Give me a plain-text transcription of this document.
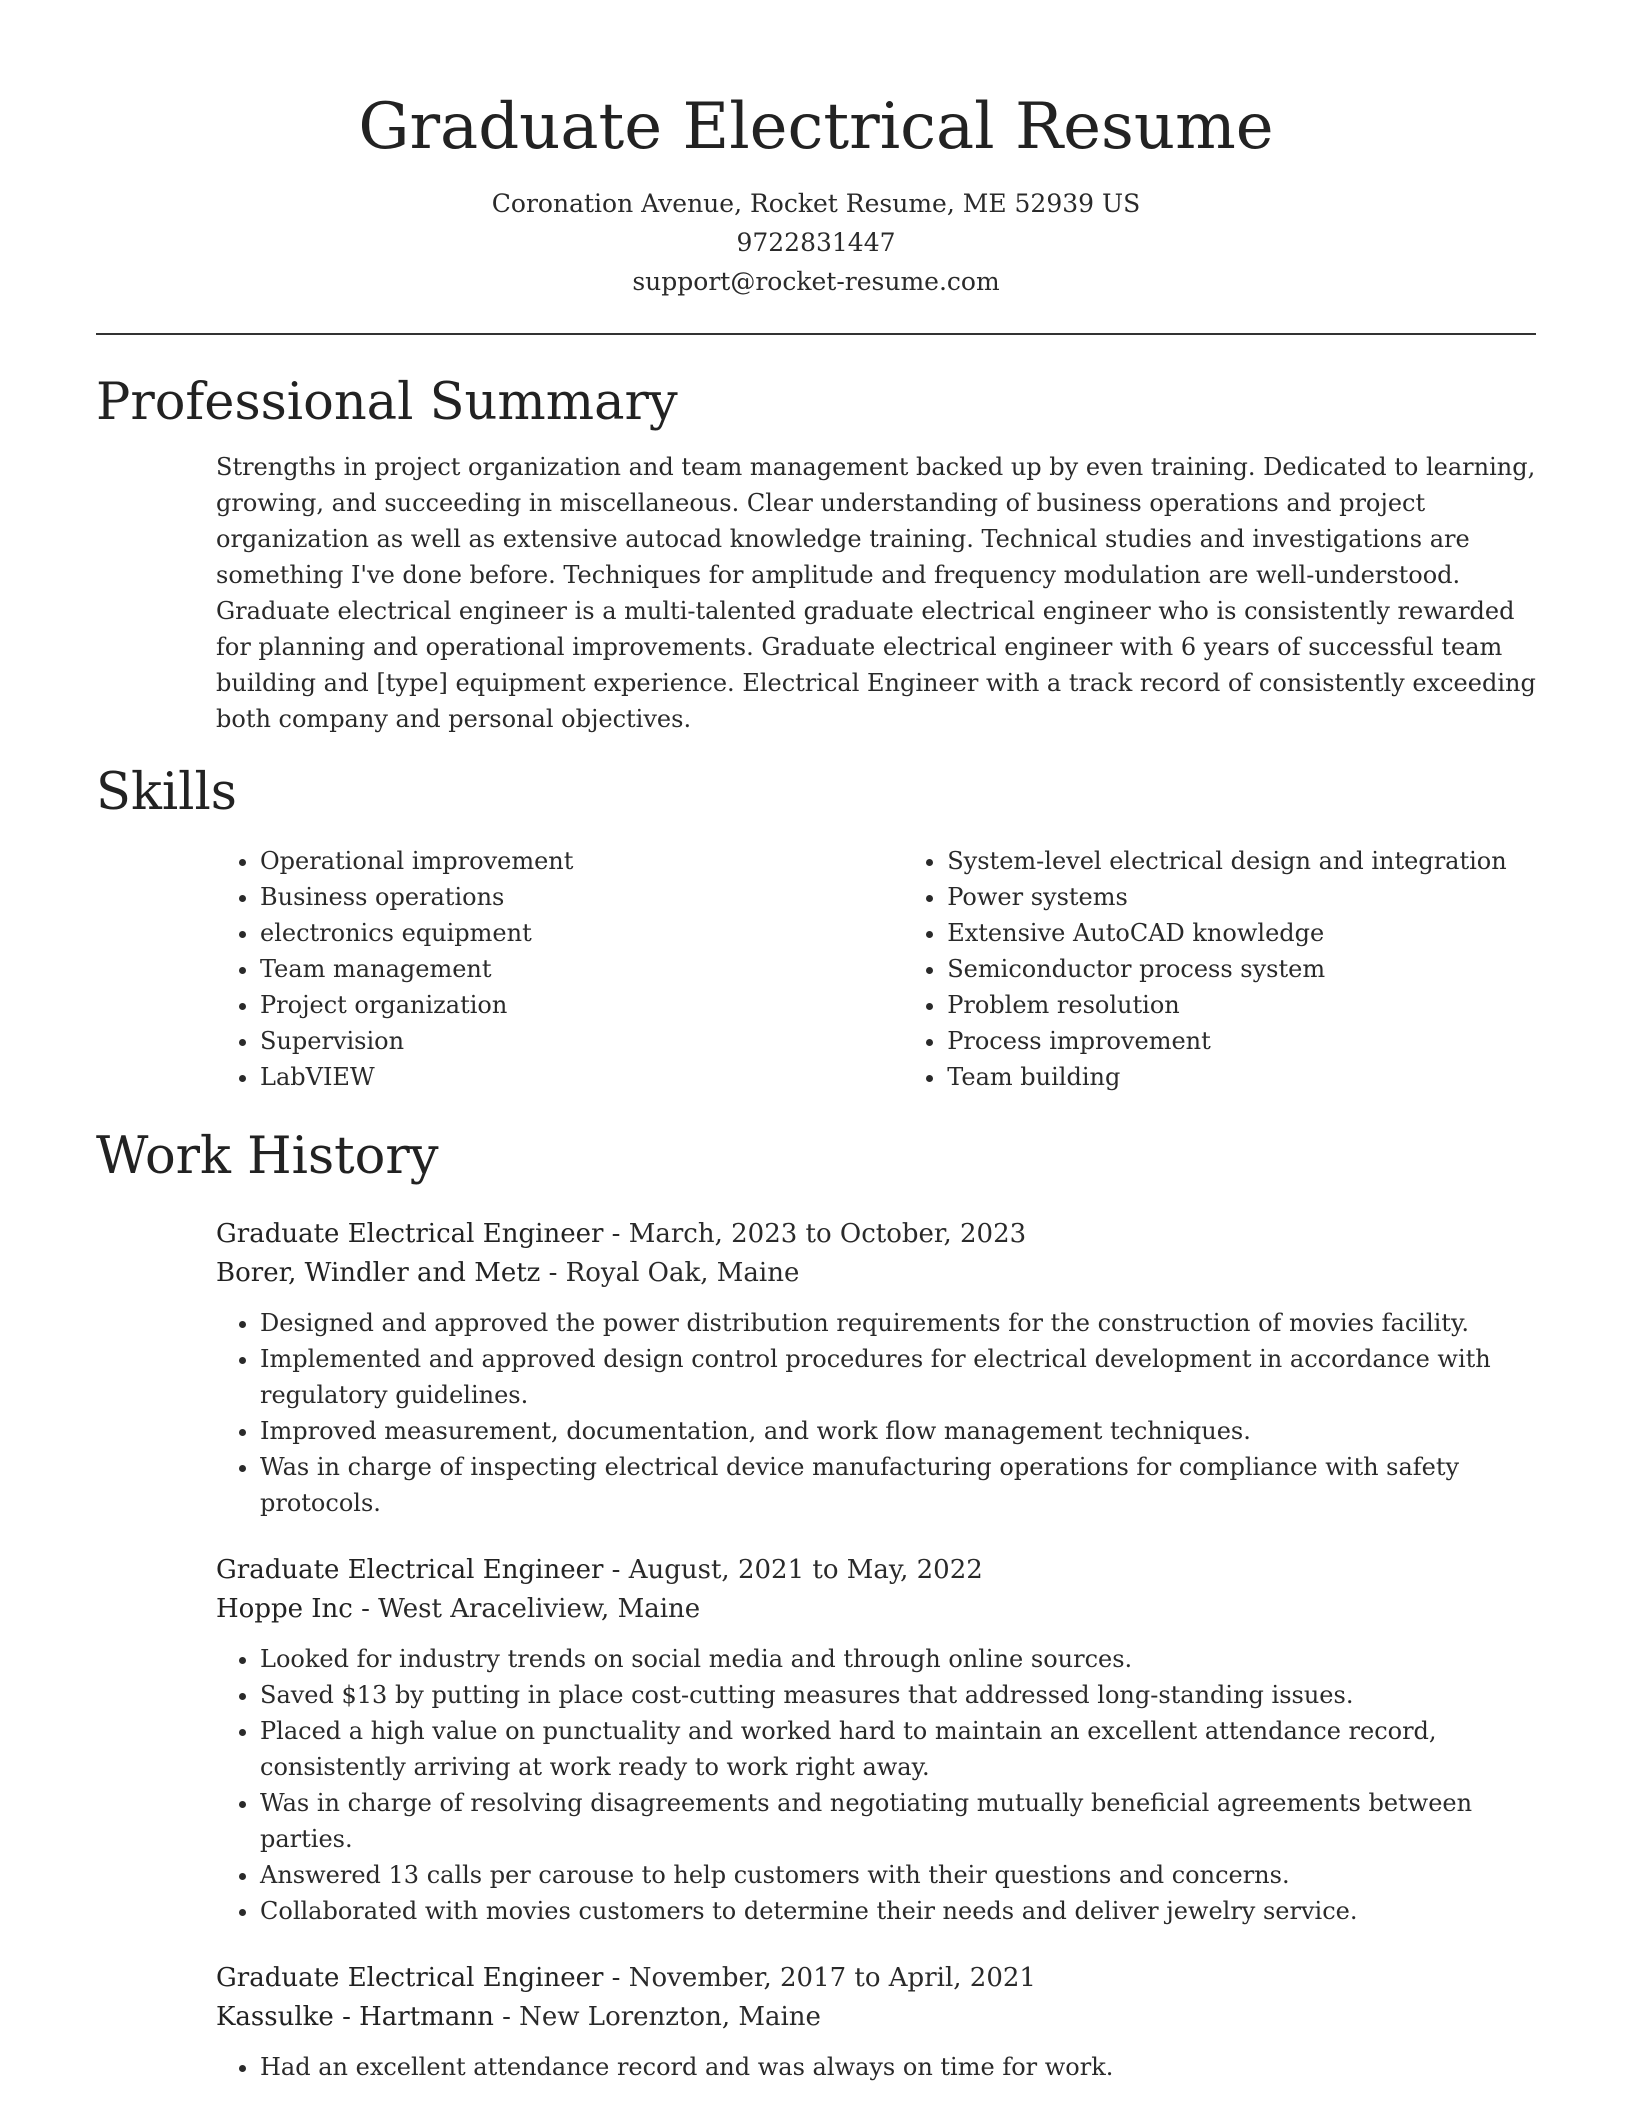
Graduate Electrical Resume
Coronation Avenue, Rocket Resume, ME 52939 US
9722831447
support@rocket-resume.com
Professional Summary

Strengths in project organization and team management backed up by even training. Dedicated to learning, growing, and succeeding in miscellaneous. Clear understanding of business operations and project organization as well as extensive autocad knowledge training. Technical studies and investigations are something I've done before. Techniques for amplitude and frequency modulation are well-understood. Graduate electrical engineer is a multi-talented graduate electrical engineer who is consistently rewarded for planning and operational improvements. Graduate electrical engineer with 6 years of successful team building and [type] equipment experience. Electrical Engineer with a track record of consistently exceeding both company and personal objectives.

Skills
• Operational improvement
• Business operations
• electronics equipment
• Team management
• Project organization
• Supervision
• LabVIEW
• System-level electrical design and integration
• Power systems
• Extensive AutoCAD knowledge
• Semiconductor process system
• Problem resolution
• Process improvement
• Team building
Work History
Graduate Electrical Engineer - March, 2023 to October, 2023
Borer, Windler and Metz - Royal Oak, Maine
• Designed and approved the power distribution requirements for the construction of movies facility.
• Implemented and approved design control procedures for electrical development in accordance with regulatory guidelines.
• Improved measurement, documentation, and work flow management techniques.
• Was in charge of inspecting electrical device manufacturing operations for compliance with safety protocols.
Graduate Electrical Engineer - August, 2021 to May, 2022
Hoppe Inc - West Araceliview, Maine
• Looked for industry trends on social media and through online sources.
• Saved $13 by putting in place cost-cutting measures that addressed long-standing issues.
• Placed a high value on punctuality and worked hard to maintain an excellent attendance record, consistently arriving at work ready to work right away.
• Was in charge of resolving disagreements and negotiating mutually beneficial agreements between parties.
• Answered 13 calls per carouse to help customers with their questions and concerns.
• Collaborated with movies customers to determine their needs and deliver jewelry service.
Graduate Electrical Engineer - November, 2017 to April, 2021
Kassulke - Hartmann - New Lorenzton, Maine
• Had an excellent attendance record and was always on time for work.
